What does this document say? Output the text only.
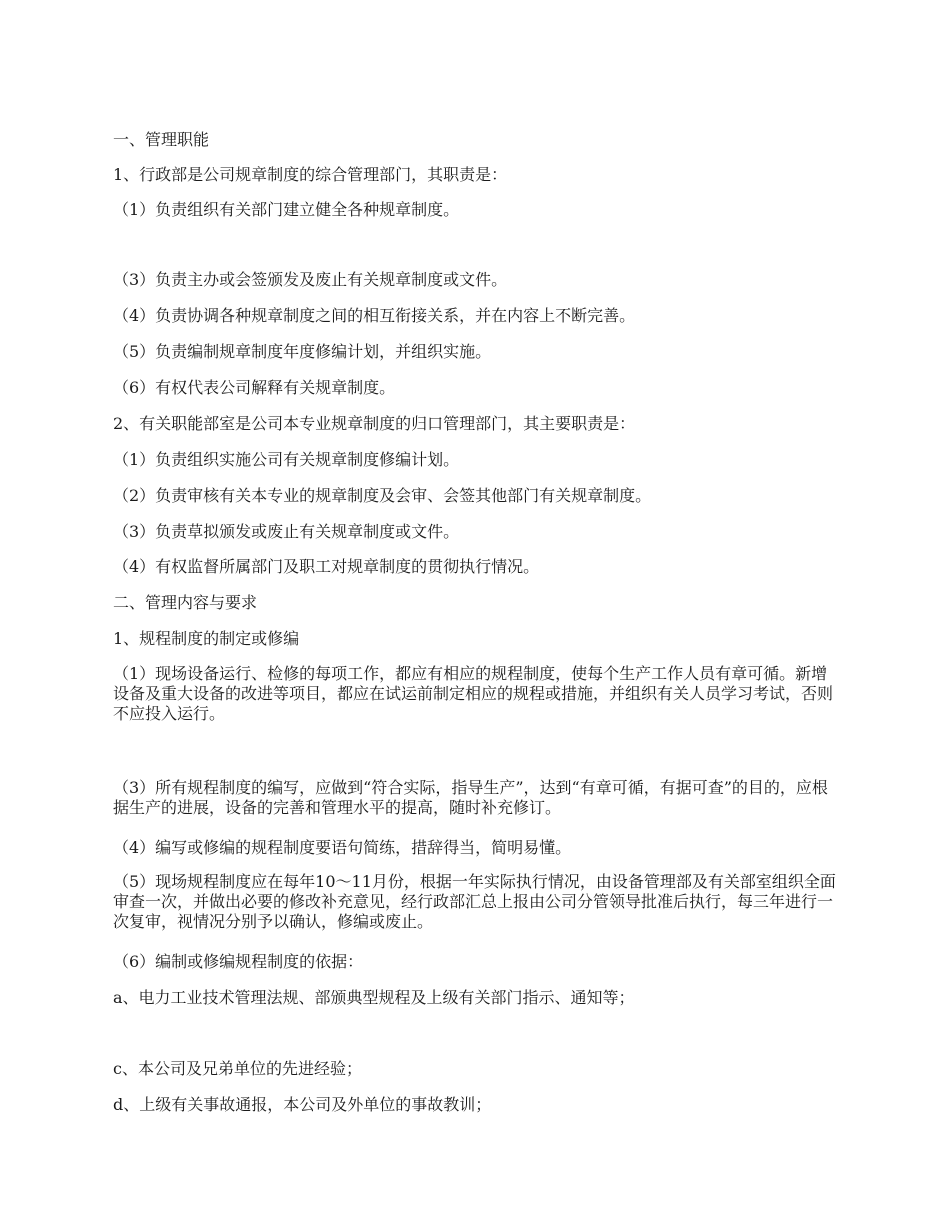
一、管理职能
1、行政部是公司规章制度的综合管理部门，其职责是：
（1）负责组织有关部门建立健全各种规章制度。
（3）负责主办或会签颁发及废止有关规章制度或文件。
（4）负责协调各种规章制度之间的相互衔接关系，并在内容上不断完善。
（5）负责编制规章制度年度修编计划，并组织实施。
（6）有权代表公司解释有关规章制度。
2、有关职能部室是公司本专业规章制度的归口管理部门，其主要职责是：
（1）负责组织实施公司有关规章制度修编计划。
（2）负责审核有关本专业的规章制度及会审、会签其他部门有关规章制度。
（3）负责草拟颁发或废止有关规章制度或文件。
（4）有权监督所属部门及职工对规章制度的贯彻执行情况。
二、管理内容与要求
1、规程制度的制定或修编
（1）现场设备运行、检修的每项工作，都应有相应的规程制度，使每个生产工作人员有章可循。新增设备及重大设备的改进等项目，都应在试运前制定相应的规程或措施，并组织有关人员学习考试，否则不应投入运行。
（3）所有规程制度的编写，应做到“符合实际，指导生产”，达到“有章可循，有据可查”的目的，应根据生产的进展，设备的完善和管理水平的提高，随时补充修订。
（4）编写或修编的规程制度要语句简练，措辞得当，简明易懂。
（5）现场规程制度应在每年10～11月份，根据一年实际执行情况，由设备管理部及有关部室组织全面审查一次，并做出必要的修改补充意见，经行政部汇总上报由公司分管领导批准后执行，每三年进行一次复审，视情况分别予以确认，修编或废止。
（6）编制或修编规程制度的依据：
a、电力工业技术管理法规、部颁典型规程及上级有关部门指示、通知等；
c、本公司及兄弟单位的先进经验；
d、上级有关事故通报，本公司及外单位的事故教训；
